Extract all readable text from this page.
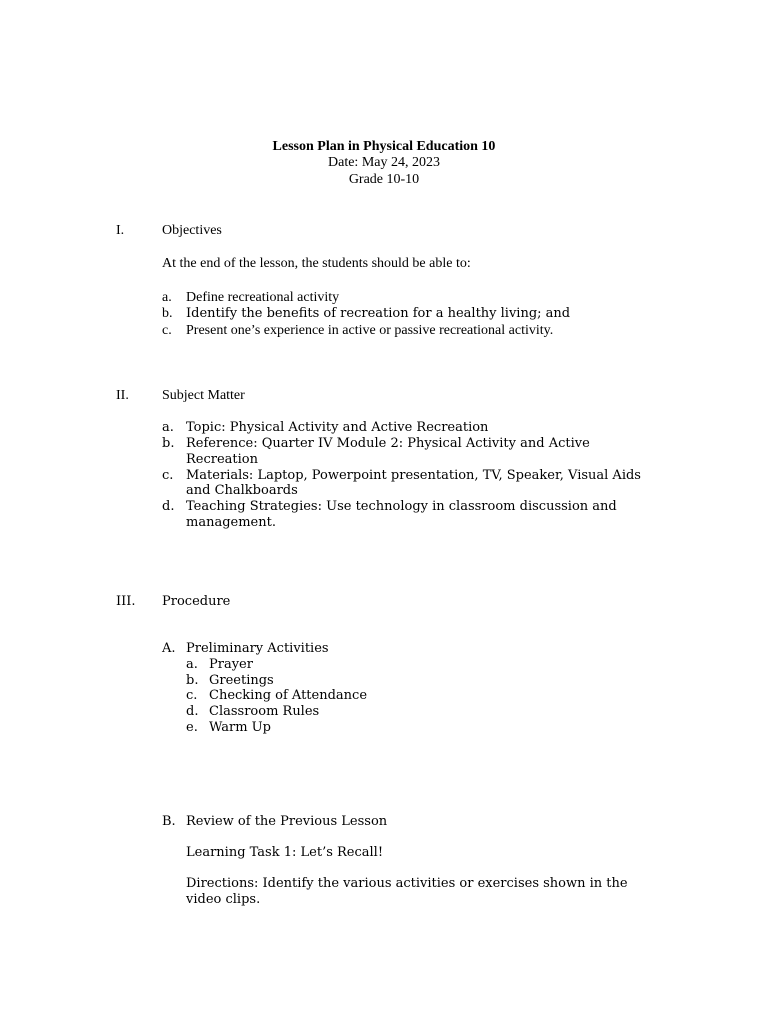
Lesson Plan in Physical Education 10
Date: May 24, 2023
Grade 10-10
I.	Objectives
At the end of the lesson, the students should be able to:
a. Define recreational activity
b. Identify the benefits of recreation for a healthy living; and
c. Present one’s experience in active or passive recreational activity.
II. Subject Matter
a. Topic: Physical Activity and Active Recreation
b. Reference: Quarter IV Module 2: Physical Activity and Active
Recreation
c. Materials: Laptop, Powerpoint presentation, TV, Speaker, Visual Aids
and Chalkboards
d. Teaching Strategies: Use technology in classroom discussion and
management.
III. Procedure
A. Preliminary Activities
a. Prayer
b. Greetings
c. Checking of Attendance
d. Classroom Rules
e. Warm Up
B. Review of the Previous Lesson
Learning Task 1: Let’s Recall!
Directions: Identify the various activities or exercises shown in the
video clips.
